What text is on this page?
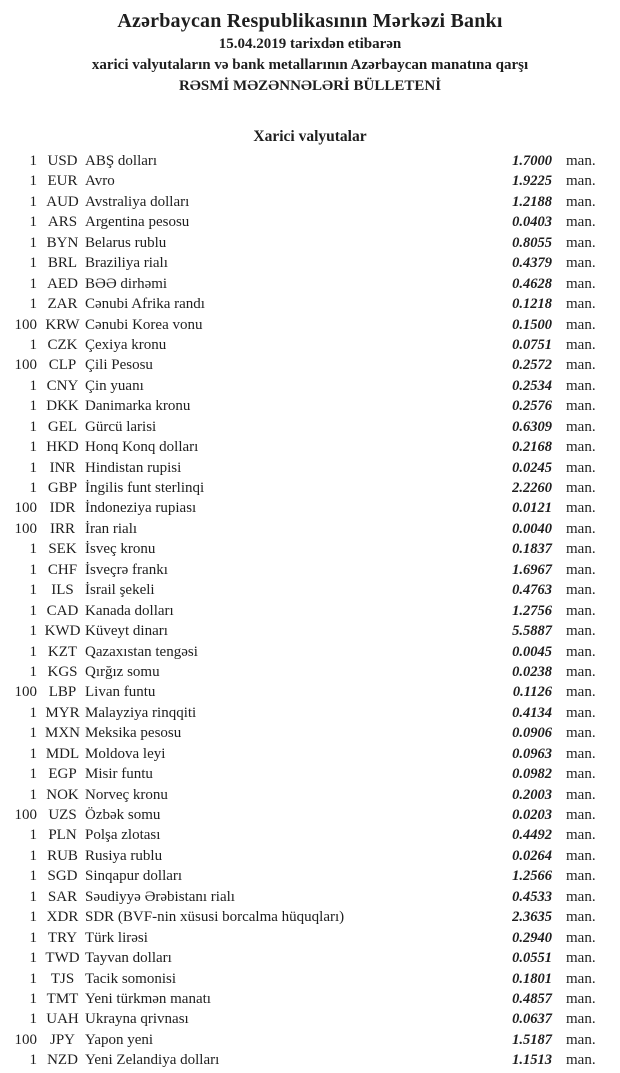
Azərbaycan Respublikasının Mərkəzi Bankı
15.04.2019 tarixdən etibarən
xarici valyutaların və bank metallarının Azərbaycan manatına qarşı
RƏSMİ MƏZƏNNƏLƏRİ BÜLLETENİ
Xarici valyutalar
1 USD ABŞ dolları	1.7000 man.
1 EUR Avro	1.9225 man.
1 AUD Avstraliya dolları	1.2188 man.
1 ARS Argentina pesosu	0.0403 man.
1 BYN Belarus rublu	0.8055 man.
1 BRL Braziliya rialı	0.4379 man.
1 AED BƏƏ dirhəmi	0.4628 man.
1 ZAR Cənubi Afrika randı	0.1218 man.
100 KRW Cənubi Korea vonu	0.1500 man.
1 CZK Çexiya kronu	0.0751 man.
100 CLP Çili Pesosu	0.2572 man.
1 CNY Çin yuanı	0.2534 man.
1 DKK Danimarka kronu	0.2576 man.
1 GEL Gürcü larisi	0.6309 man.
1 HKD Honq Konq dolları	0.2168 man.
1 INR Hindistan rupisi	0.0245 man.
1 GBP İngilis funt sterlinqi	2.2260 man.
100 IDR İndoneziya rupiası	0.0121 man.
100 IRR İran rialı	0.0040 man.
1 SEK İsveç kronu	0.1837 man.
1 CHF İsveçrə frankı	1.6967 man.
1 ILS İsrail şekeli	0.4763 man.
1 CAD Kanada dolları	1.2756 man.
1 KWD Küveyt dinarı	5.5887 man.
1 KZT Qazaxıstan tengəsi	0.0045 man.
1 KGS Qırğız somu	0.0238 man.
100 LBP Livan funtu	0.1126 man.
1 MYR Malayziya rinqqiti	0.4134 man.
1 MXN Meksika pesosu	0.0906 man.
1 MDL Moldova leyi	0.0963 man.
1 EGP Misir funtu	0.0982 man.
1 NOK Norveç kronu	0.2003 man.
100 UZS Özbək somu	0.0203 man.
1 PLN Polşa zlotası	0.4492 man.
1 RUB Rusiya rublu	0.0264 man.
1 SGD Sinqapur dolları	1.2566 man.
1 SAR Səudiyyə Ərəbistanı rialı	0.4533 man.
1 XDR SDR (BVF-nin xüsusi borcalma hüquqları)	2.3635 man.
1 TRY Türk lirəsi	0.2940 man.
1 TWD Tayvan dolları	0.0551 man.
1 TJS Tacik somonisi	0.1801 man.
1 TMT Yeni türkmən manatı	0.4857 man.
1 UAH Ukrayna qrivnası	0.0637 man.
100 JPY Yapon yeni	1.5187 man.
1 NZD Yeni Zelandiya dolları	1.1513 man.
